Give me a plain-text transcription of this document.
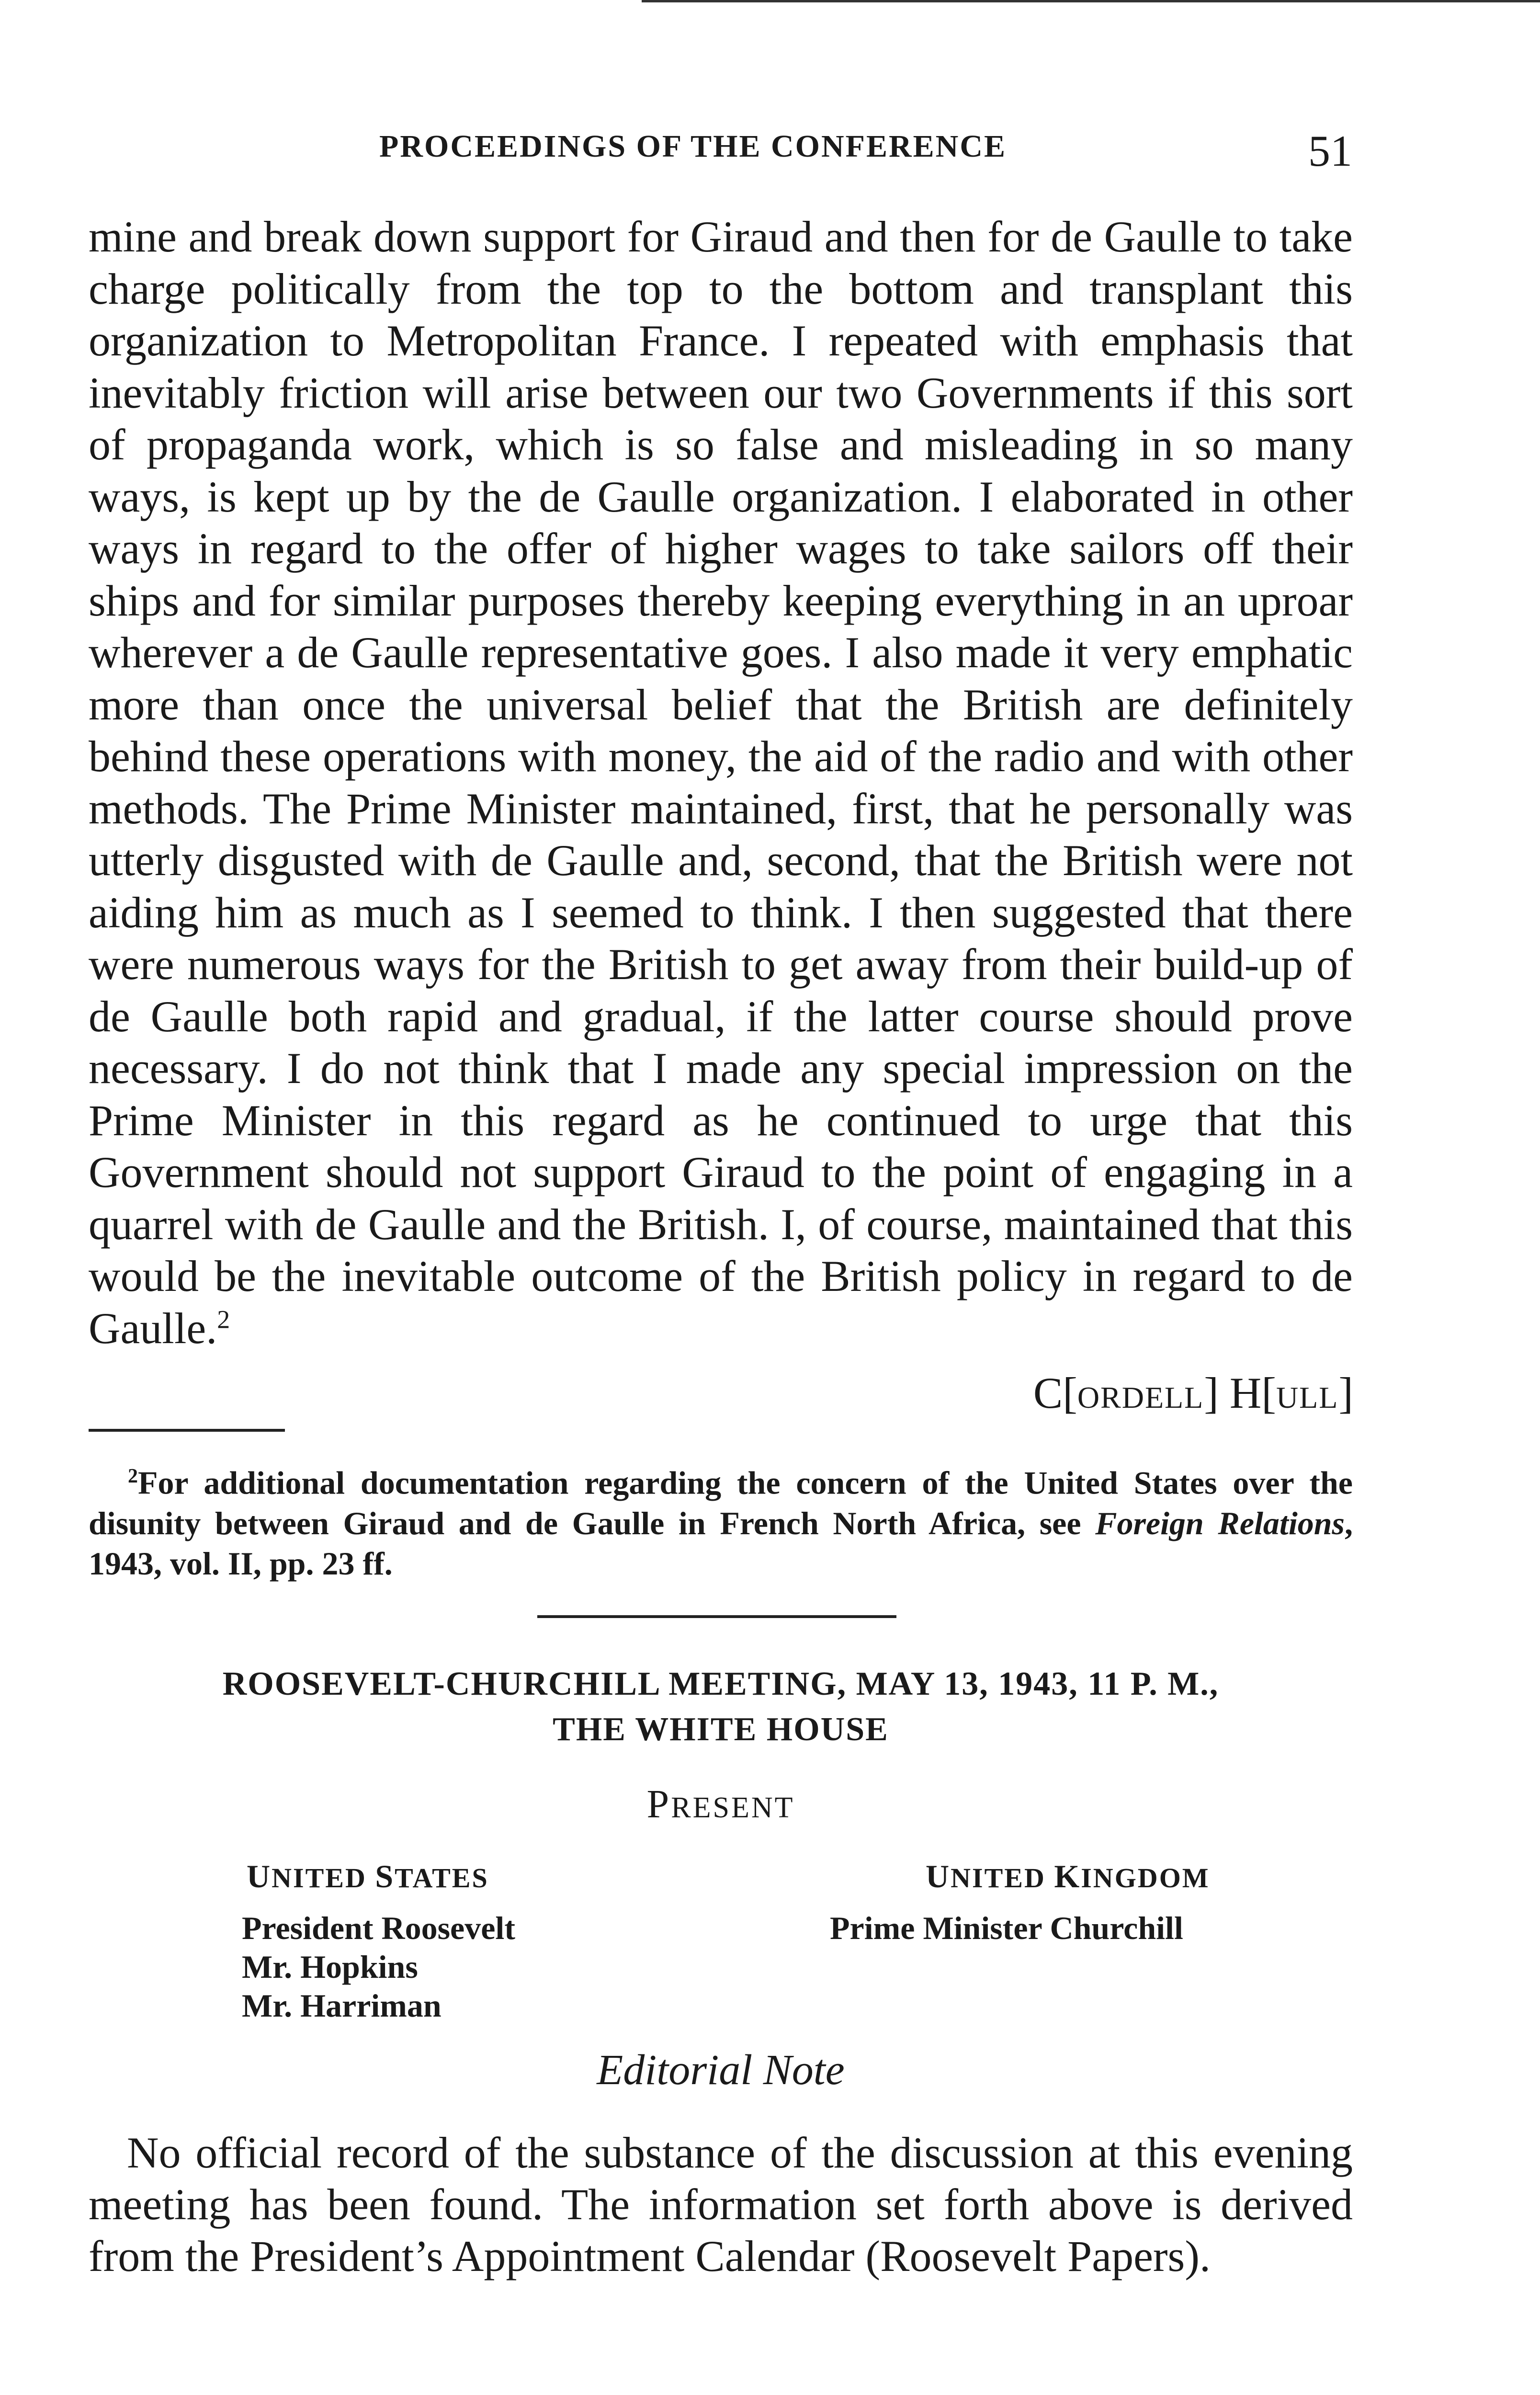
PROCEEDINGS OF THE CONFERENCE	51

mine and break down support for Giraud and then for de Gaulle to take charge politically from the top to the bottom and transplant this organization to Metropolitan France. I repeated with emphasis that inevitably friction will arise between our two Governments if this sort of propaganda work, which is so false and misleading in so many ways, is kept up by the de Gaulle organization. I elaborated in other ways in regard to the offer of higher wages to take sailors off their ships and for similar purposes thereby keeping everything in an uproar wherever a de Gaulle representative goes. I also made it very emphatic more than once the universal belief that the British are definitely behind these operations with money, the aid of the radio and with other methods. The Prime Minister maintained, first, that he personally was utterly disgusted with de Gaulle and, second, that the British were not aiding him as much as I seemed to think. I then suggested that there were numerous ways for the British to get away from their build-up of de Gaulle both rapid and gradual, if the latter course should prove necessary. I do not think that I made any special impression on the Prime Minister in this regard as he continued to urge that this Government should not support Giraud to the point of engaging in a quarrel with de Gaulle and the British. I, of course, maintained that this would be the inevitable outcome of the British policy in regard to de Gaulle.$^2$

C[ORDELL] H[ULL]
$^2$For additional documentation regarding the concern of the United States over the disunity between Giraud and de Gaulle in French North Africa, see Foreign Relations, 1943, vol. II, pp. 23 ff.
ROOSEVELT-CHURCHILL MEETING, MAY 13, 1943, 11 P. M.,
THE WHITE HOUSE
PRESENT
UNITED STATES	UNITED KINGDOM
President Roosevelt
Mr. Hopkins
Mr. Harriman
Prime Minister Churchill
Editorial Note

No official record of the substance of the discussion at this evening meeting has been found. The information set forth above is derived from the President’s Appointment Calendar (Roosevelt Papers).
